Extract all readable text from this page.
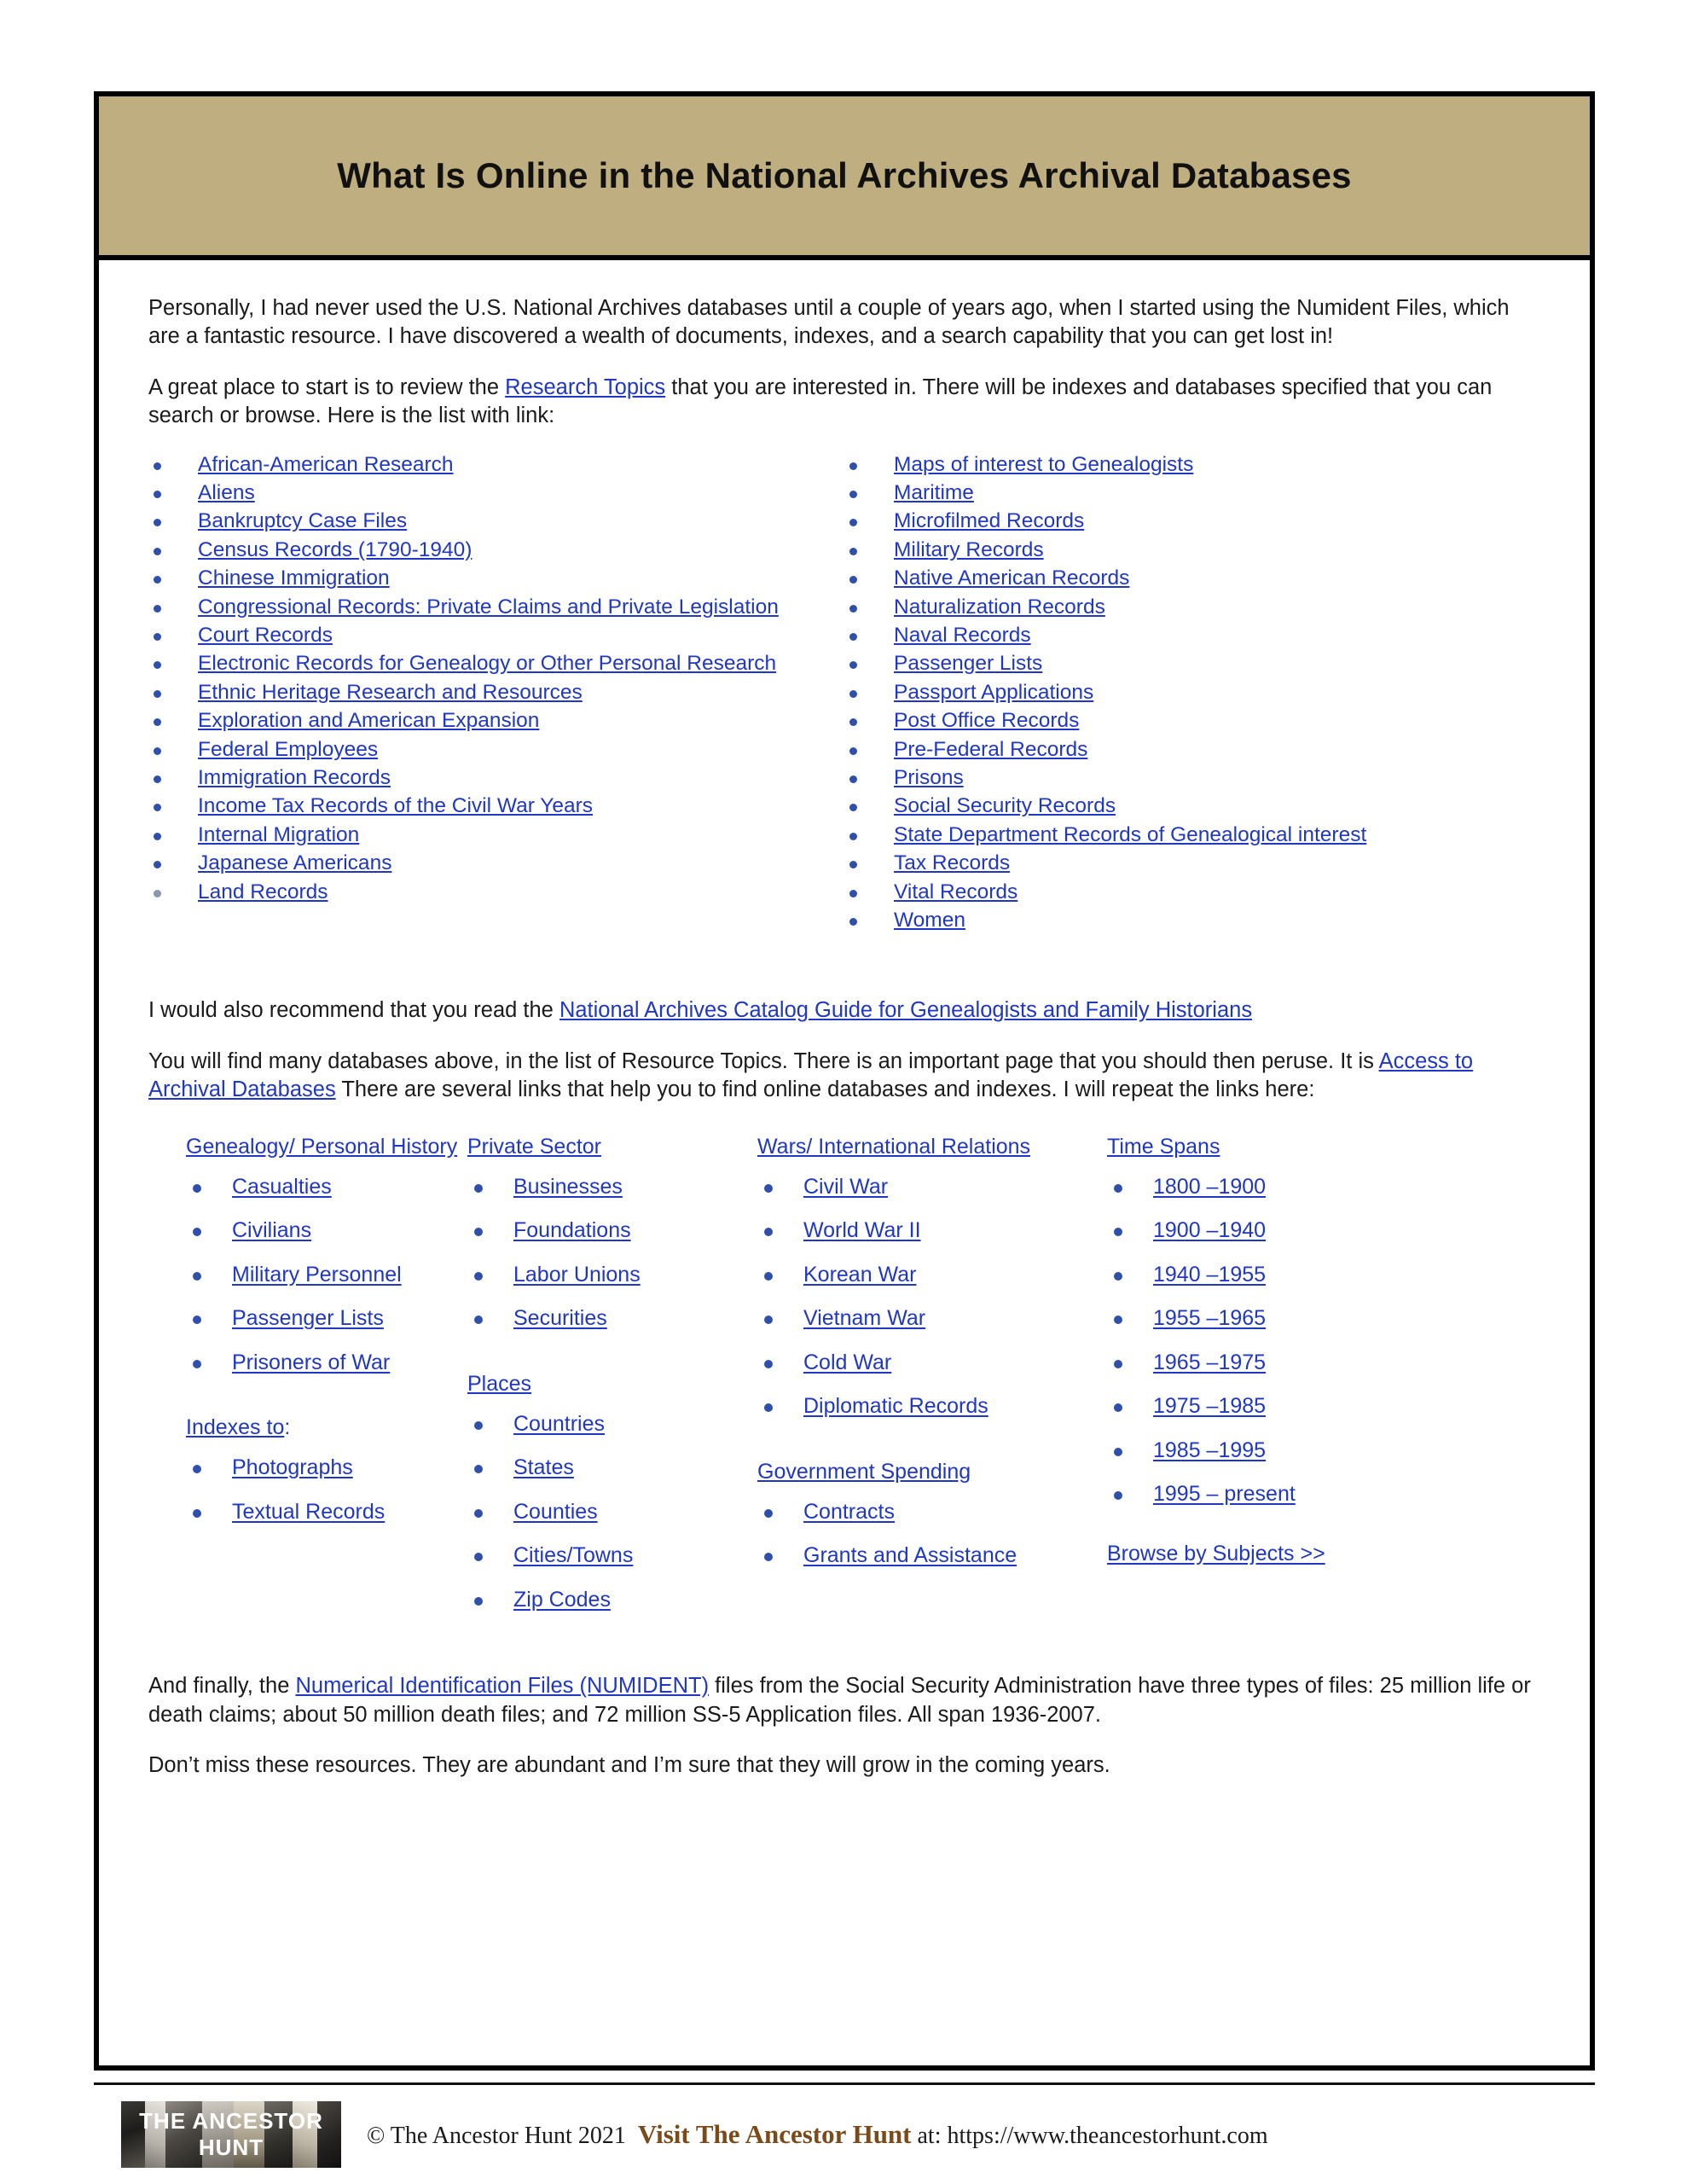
What Is Online in the National Archives Archival Databases

Personally, I had never used the U.S. National Archives databases until a couple of years ago, when I started using the Numident Files, which are a fantastic resource. I have discovered a wealth of documents, indexes, and a search capability that you can get lost in!

A great place to start is to review the Research Topics that you are interested in. There will be indexes and databases specified that you can search or browse. Here is the list with link:

African-American Research
Aliens
Bankruptcy Case Files
Census Records (1790-1940)
Chinese Immigration
Congressional Records: Private Claims and Private Legislation
Court Records
Electronic Records for Genealogy or Other Personal Research
Ethnic Heritage Research and Resources
Exploration and American Expansion
Federal Employees
Immigration Records
Income Tax Records of the Civil War Years
Internal Migration
Japanese Americans
Land Records
Maps of interest to Genealogists
Maritime
Microfilmed Records
Military Records
Native American Records
Naturalization Records
Naval Records
Passenger Lists
Passport Applications
Post Office Records
Pre-Federal Records
Prisons
Social Security Records
State Department Records of Genealogical interest
Tax Records
Vital Records
Women

I would also recommend that you read the National Archives Catalog Guide for Genealogists and Family Historians

You will find many databases above, in the list of Resource Topics. There is an important page that you should then peruse. It is Access to Archival Databases There are several links that help you to find online databases and indexes. I will repeat the links here:

Genealogy/ Personal History
Casualties
Civilians
Military Personnel
Passenger Lists
Prisoners of War
Indexes to:
Photographs
Textual Records
Private Sector
Businesses
Foundations
Labor Unions
Securities
Places
Countries
States
Counties
Cities/Towns
Zip Codes
Wars/ International Relations
Civil War
World War II
Korean War
Vietnam War
Cold War
Diplomatic Records
Government Spending
Contracts
Grants and Assistance
Time Spans
1800 –1900
1900 –1940
1940 –1955
1955 –1965
1965 –1975
1975 –1985
1985 –1995
1995 – present
Browse by Subjects >>

And finally, the Numerical Identification Files (NUMIDENT) files from the Social Security Administration have three types of files: 25 million life or death claims; about 50 million death files; and 72 million SS-5 Application files. All span 1936-2007.

Don’t miss these resources. They are abundant and I’m sure that they will grow in the coming years.

THE ANCESTOR HUNT	© The Ancestor Hunt 2021 Visit The Ancestor Hunt at: https://www.theancestorhunt.com
